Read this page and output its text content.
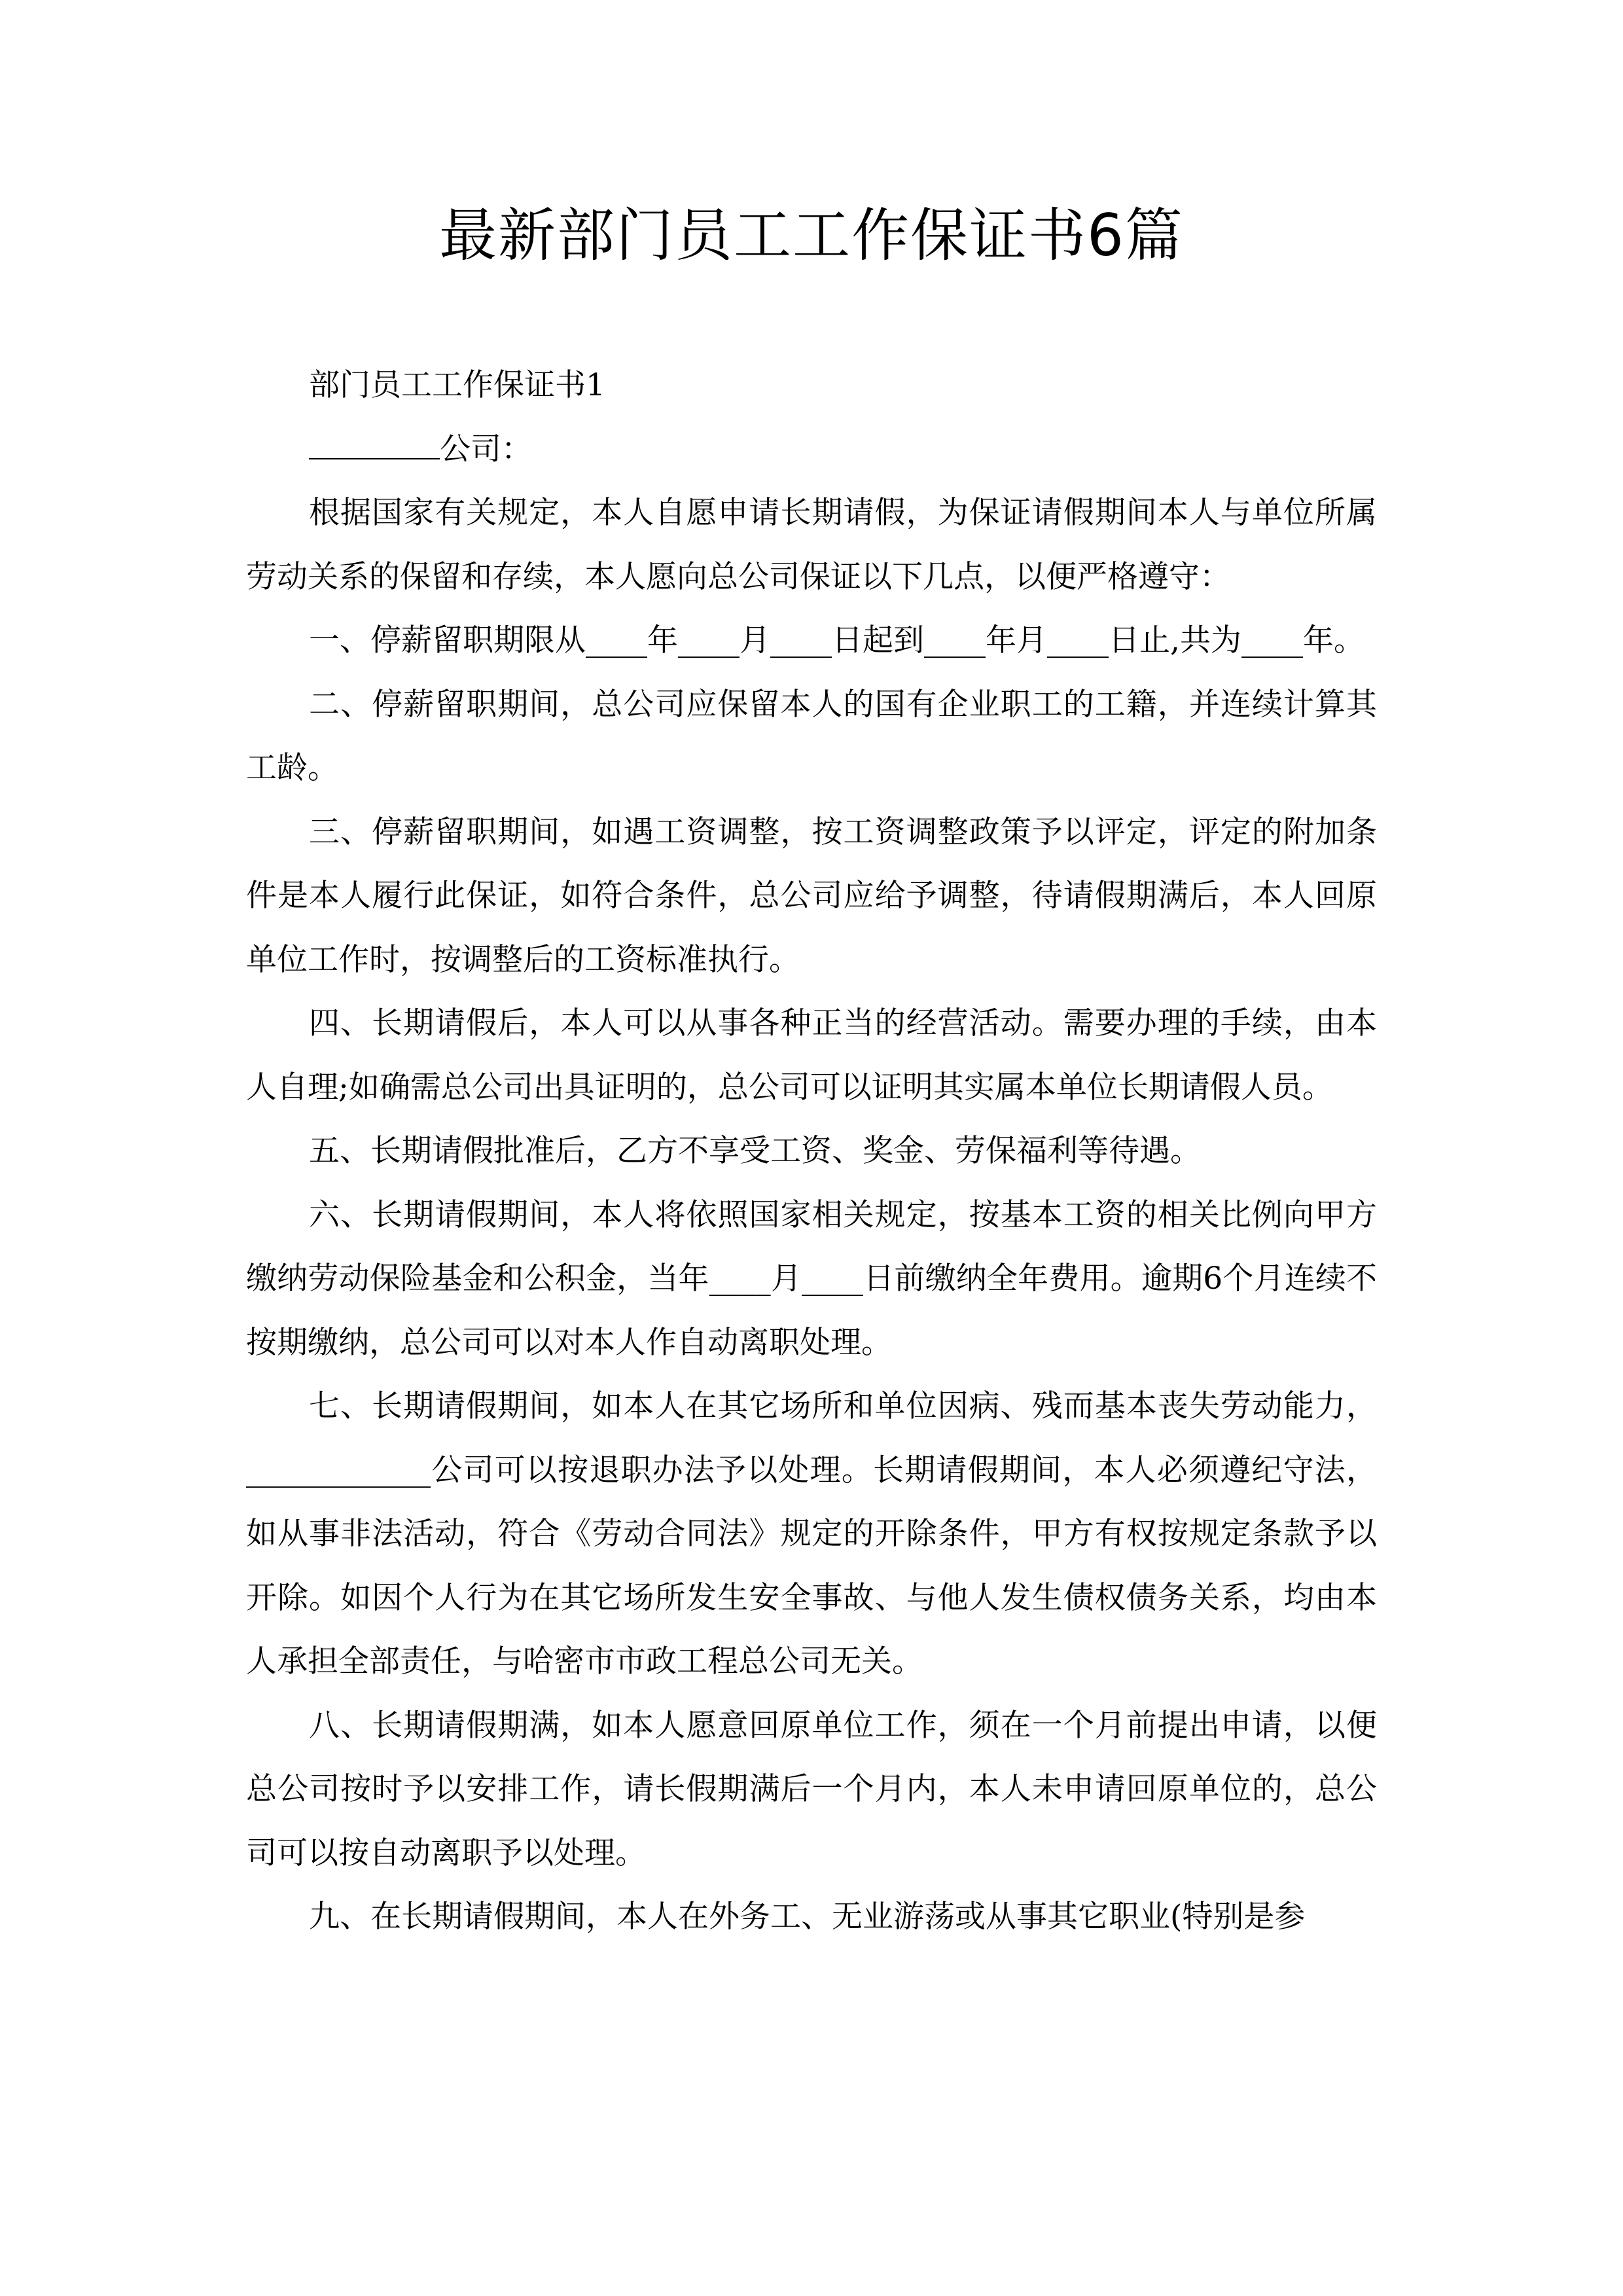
最新部门员工工作保证书6篇

部门员工工作保证书1

公司：

根据国家有关规定，本人自愿申请长期请假，为保证请假期间本人与单位所属劳动关系的保留和存续，本人愿向总公司保证以下几点，以便严格遵守：

一、停薪留职期限从____年____月____日起到____年月____日止,共为____年。

二、停薪留职期间，总公司应保留本人的国有企业职工的工籍，并连续计算其工龄。

三、停薪留职期间，如遇工资调整，按工资调整政策予以评定，评定的附加条件是本人履行此保证，如符合条件，总公司应给予调整，待请假期满后，本人回原单位工作时，按调整后的工资标准执行。

四、长期请假后，本人可以从事各种正当的经营活动。需要办理的手续，由本人自理;如确需总公司出具证明的，总公司可以证明其实属本单位长期请假人员。

五、长期请假批准后，乙方不享受工资、奖金、劳保福利等待遇。

六、长期请假期间，本人将依照国家相关规定，按基本工资的相关比例向甲方缴纳劳动保险基金和公积金，当年____月____日前缴纳全年费用。逾期6个月连续不按期缴纳，总公司可以对本人作自动离职处理。

七、长期请假期间，如本人在其它场所和单位因病、残而基本丧失劳动能力，____________公司可以按退职办法予以处理。长期请假期间，本人必须遵纪守法，如从事非法活动，符合《劳动合同法》规定的开除条件，甲方有权按规定条款予以开除。如因个人行为在其它场所发生安全事故、与他人发生债权债务关系，均由本人承担全部责任，与哈密市市政工程总公司无关。

八、长期请假期满，如本人愿意回原单位工作，须在一个月前提出申请，以便总公司按时予以安排工作，请长假期满后一个月内，本人未申请回原单位的，总公司可以按自动离职予以处理。

九、在长期请假期间，本人在外务工、无业游荡或从事其它职业(特别是参
